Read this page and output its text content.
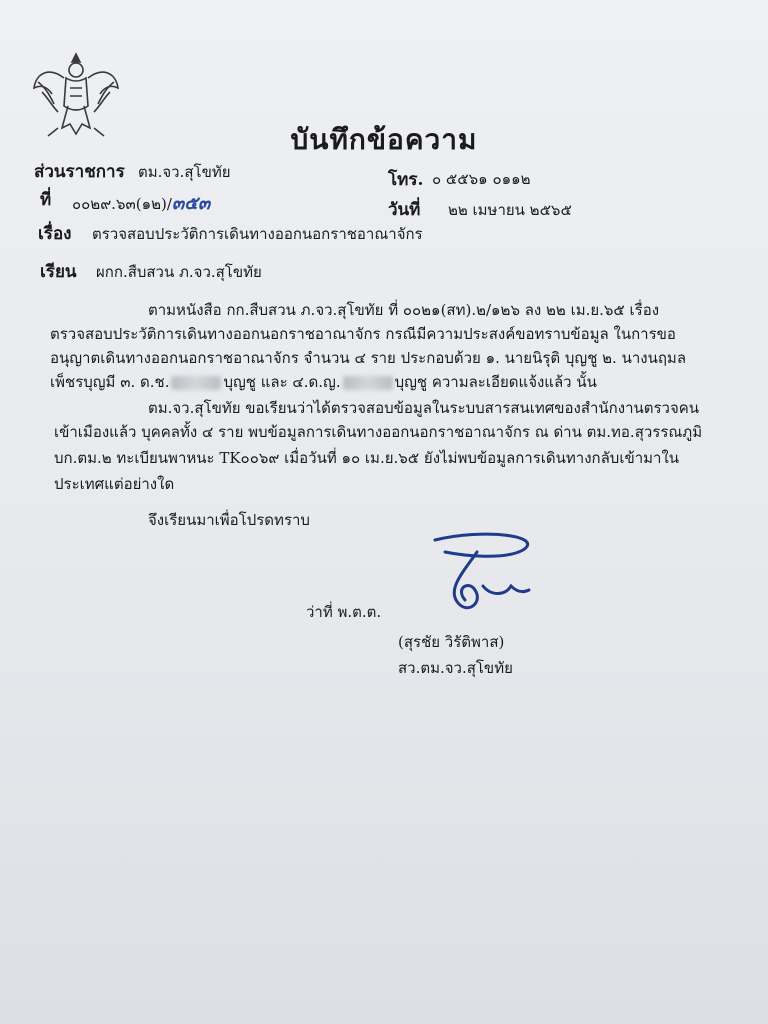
บันทึกข้อความ
ส่วนราชการ ตม.จว.สุโขทัย	โทร. ๐ ๕๕๖๑ ๐๑๑๒
ที่ ๐๐๒๙.๖๓(๑๒)/๓๕๓	วันที่ ๒๒ เมษายน ๒๕๖๕
เรื่อง ตรวจสอบประวัติการเดินทางออกนอกราชอาณาจักร
เรียน ผกก.สืบสวน ภ.จว.สุโขทัย
ตามหนังสือ กก.สืบสวน ภ.จว.สุโขทัย ที่ ๐๐๒๑(สท).๒/๑๒๖ ลง ๒๒ เม.ย.๖๕ เรื่อง
ตรวจสอบประวัติการเดินทางออกนอกราชอาณาจักร กรณีมีความประสงค์ขอทราบข้อมูล ในการขอ
อนุญาตเดินทางออกนอกราชอาณาจักร จำนวน ๔ ราย ประกอบด้วย ๑. นายนิรุติ บุญชู ๒. นางนฤมล
เพ็ชรบุญมี ๓. ด.ช.	บุญชู และ ๔.ด.ญ.	บุญชู ความละเอียดแจ้งแล้ว นั้น
ตม.จว.สุโขทัย ขอเรียนว่าได้ตรวจสอบข้อมูลในระบบสารสนเทศของสำนักงานตรวจคน
เข้าเมืองแล้ว บุคคลทั้ง ๔ ราย พบข้อมูลการเดินทางออกนอกราชอาณาจักร ณ ด่าน ตม.ทอ.สุวรรณภูมิ
บก.ตม.๒ ทะเบียนพาหนะ TK๐๐๖๙ เมื่อวันที่ ๑๐ เม.ย.๖๕ ยังไม่พบข้อมูลการเดินทางกลับเข้ามาใน
ประเทศแต่อย่างใด
จึงเรียนมาเพื่อโปรดทราบ
ว่าที่ พ.ต.ต.
(สุรชัย วิรัติพาส)
สว.ตม.จว.สุโขทัย
